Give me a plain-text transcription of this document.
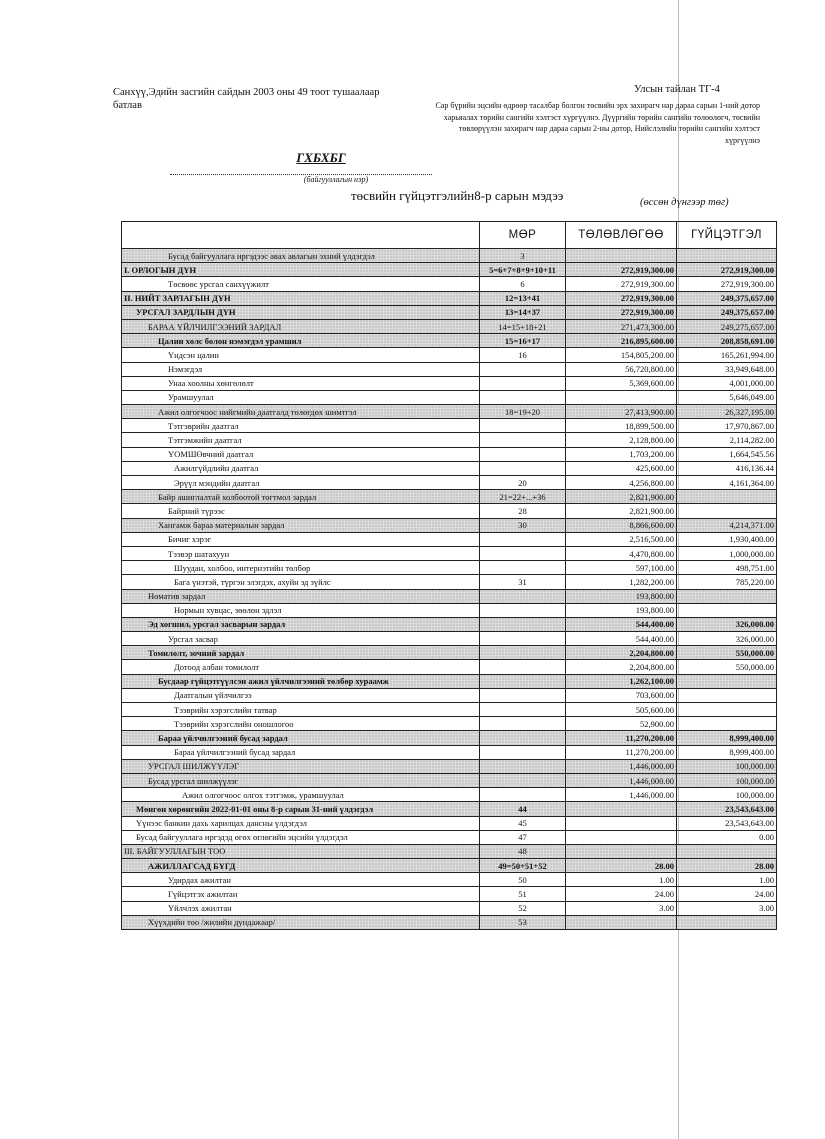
Санхүү,Эдийн засгийн сайдын 2003 оны 49 тоот тушаалаар батлав
Улсын тайлан ТГ-4
Сар бүрийн эцсийн өдрөөр тасалбар болгон төсвийн эрх захирагч нар дараа сарын 1-ний дотор харьяалах төрийн сангийн хэлтэст хүргүүлнэ. Дүүргийн төрийн сангийн төлөөлөгч, төсвийн төвлөрүүлэн захирагч нар дараа сарын 2-ны дотор, Нийслэлийн төрийн сангийн хэлтэст хүргүүлнэ
ГХБХБГ
(байгууллагын нэр)
төсвийн гүйцэтгэлийн8-р сарын мэдээ	(өссөн дүнгээр төг)
	МӨР	ТӨЛӨВЛӨГӨӨ	ГҮЙЦЭТГЭЛ
Бусад байгууллага иргэдээс авах авлагын эхний үлдэгдэл	3		
I. ОРЛОГЫН ДҮН	5=6+7+8+9+10+11	272,919,300.00	272,919,300.00
Төсвөөс урсгал санхүүжилт	6	272,919,300.00	272,919,300.00
II. НИЙТ ЗАРЛАГЫН ДҮН	12=13+41	272,919,300.00	249,375,657.00
УРСГАЛ ЗАРДЛЫН ДҮН	13=14+37	272,919,300.00	249,375,657.00
БАРАА ҮЙЛЧИЛГЭЭНИЙ ЗАРДАЛ	14=15+18+21	271,473,300.00	249,275,657.00
Цалин хөлс болон нэмэгдэл урамшил	15=16+17	216,895,600.00	208,858,691.00
Үндсэн цалин	16	154,805,200.00	165,261,994.00
Нэмэгдэл		56,720,800.00	33,949,648.00
Унаа хоолны хөнгөлөлт		5,369,600.00	4,001,000.00
Урамшуулал			5,646,049.00
Ажил олгогчоос нийгмийн даатгалд төлөгдөх шимтгэл	18=19+20	27,413,900.00	26,327,195.00
Тэтгэврийн даатгал		18,899,500.00	17,970,867.00
Тэтгэмжийн даатгал		2,128,800.00	2,114,282.00
ҮОМШӨвчний даатгал		1,703,200.00	1,664,545.56
Ажилгүйдлийн даатгал		425,600.00	416,136.44
Эрүүл мэндийн даатгал	20	4,256,800.00	4,161,364.00
Байр ашиглалтай холбоотой тогтмол зардал	21=22+...+36	2,821,900.00	
Байрний түрээс	28	2,821,900.00	
Хангамж бараа материалын зардал	30	8,866,600.00	4,214,371.00
Бичиг хэрэг		2,516,500.00	1,930,400.00
Тээвэр шатахуун		4,470,800.00	1,000,000.00
Шуудан, холбоо, интернэтийн төлбөр		597,100.00	498,751.00
Бага үнэтэй, түргэн элэгдэх, ахуйн эд зүйлс	31	1,282,200.00	785,220.00
Номатив зардал		193,800.00	
Нормын хувцас, зөөлөн эдлэл		193,800.00	
Эд хогшил, урсгал засварын зардал		544,400.00	326,000.00
Урсгал засвар		544,400.00	326,000.00
Томилолт, зочний зардал		2,204,800.00	550,000.00
Дотоод албан томилолт		2,204,800.00	550,000.00
Бусдаар гүйцэтгүүлсэн ажил үйлчилгээний төлбөр хураамж		1,262,100.00	
Даатгалын үйлчилгээ		703,600.00	
Тээврийн хэрэгслийн татвар		505,600.00	
Тээврийн хэрэгслийн оношлогоо		52,900.00	
Бараа үйлчилгээний бусад зардал		11,270,200.00	8,999,400.00
Бараа үйлчилгээний бусад зардал		11,270,200.00	8,999,400.00
УРСГАЛ ШИЛЖҮҮЛЭГ		1,446,000.00	100,000.00
Бусад урсгал шилжүүлэг		1,446,000.00	100,000.00
Ажил олгогчоос олгох тэтгэмж, урамшуулал		1,446,000.00	100,000.00
Мөнгөн хөрөнгийн 2022-01-01 оны 8-р сарын 31-ний үлдэгдэл	44		23,543,643.00
Үүнээс банкин дахь харилцах дансны үлдэгдэл	45		23,543,643.00
Бусад байгууллага иргэдэд өгөх өглөгийн эцсийн үлдэгдэл	47		0.00
III. БАЙГУУЛЛАГЫН ТОО	48		
АЖИЛЛАГСАД БҮГД	49=50+51+52	28.00	28.00
Удирдах ажилтан	50	1.00	1.00
Гүйцэтгэх ажилтан	51	24.00	24.00
Үйлчлэх ажилтан	52	3.00	3.00
Хүүхдийн тоо /жилийн дундажаар/	53		
